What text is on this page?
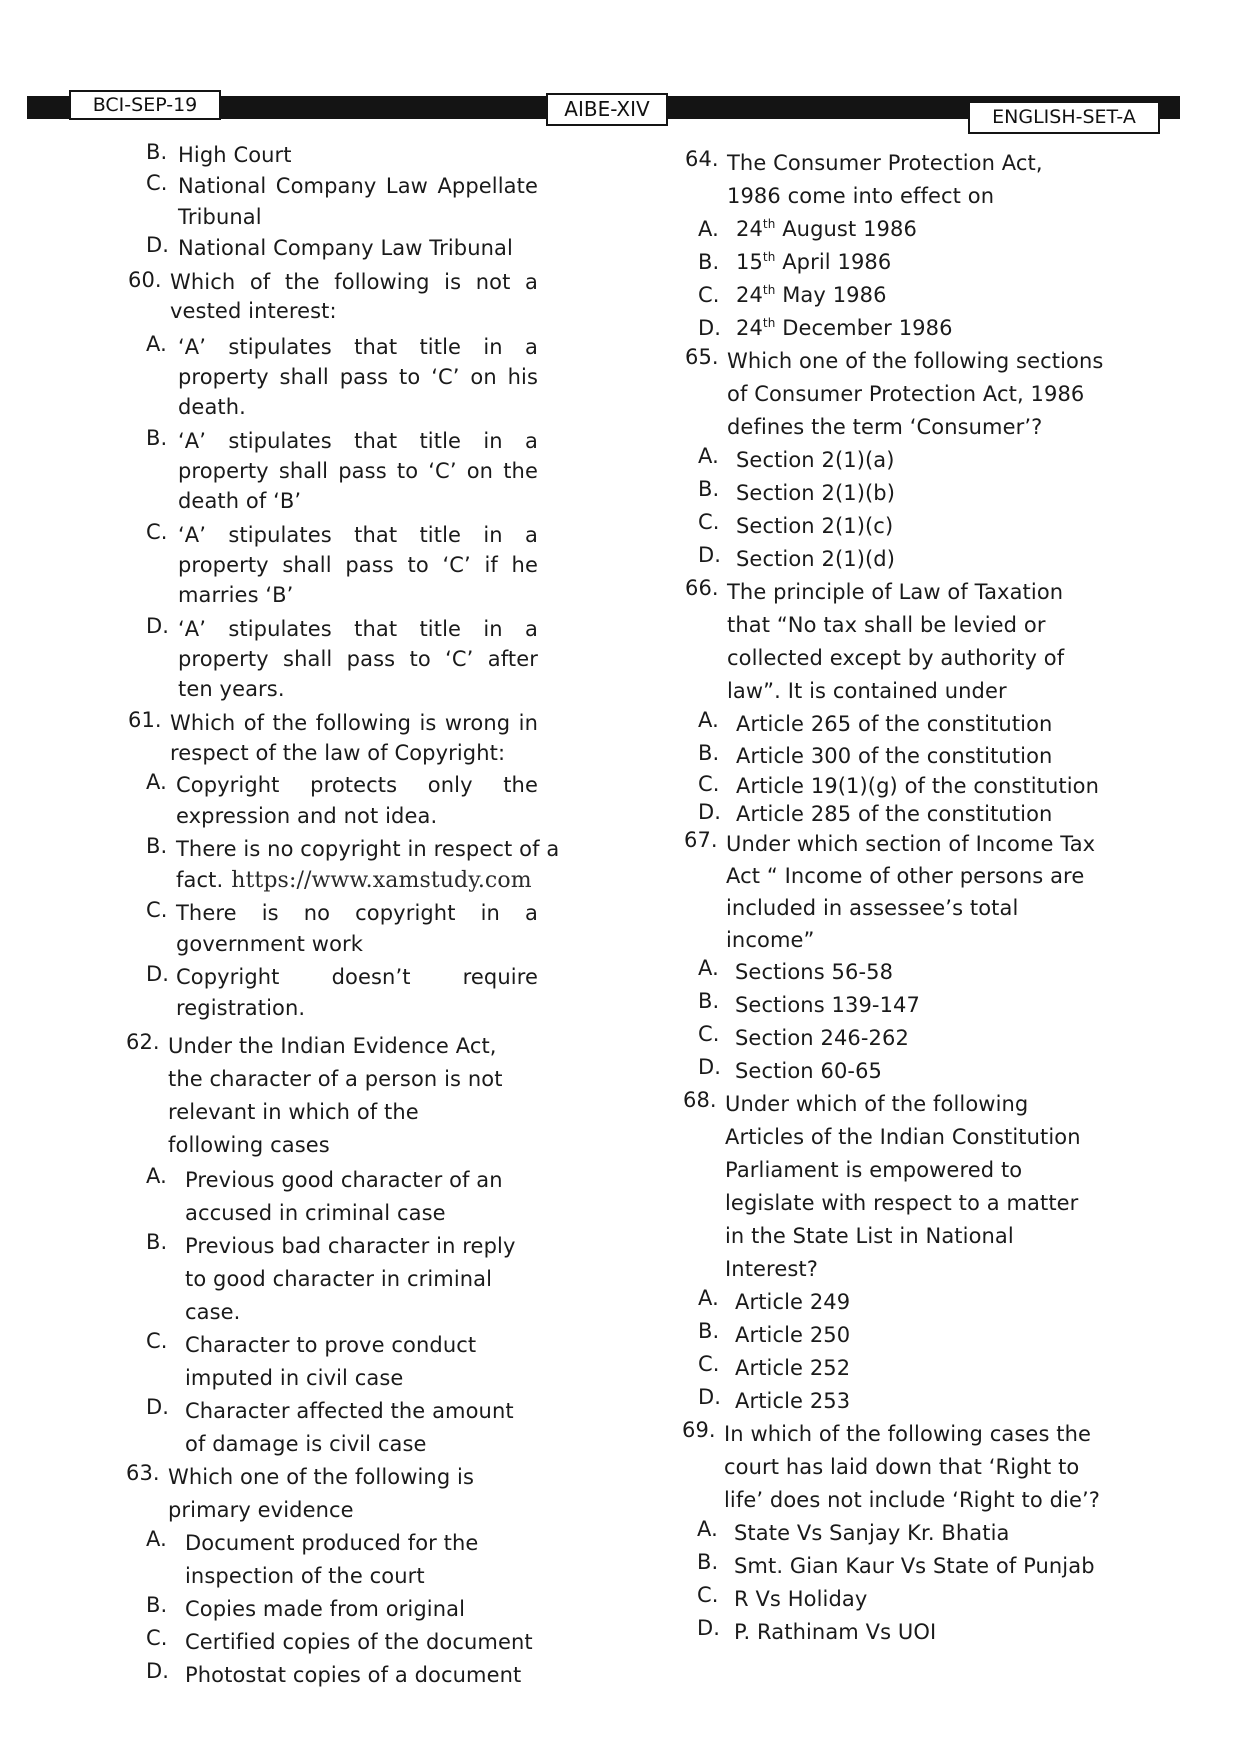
BCI-SEP-19	AIBE-XIV	ENGLISH-SET-A
B. High Court
C. National Company Law Appellate Tribunal
D. National Company Law Tribunal
60. Which of the following is not a vested interest:
A. ‘A’ stipulates that title in a property shall pass to ‘C’ on his death.
B. ‘A’ stipulates that title in a property shall pass to ‘C’ on the death of ‘B’
C. ‘A’ stipulates that title in a property shall pass to ‘C’ if he marries ‘B’
D. ‘A’ stipulates that title in a property shall pass to ‘C’ after ten years.
61. Which of the following is wrong in respect of the law of Copyright:
A. Copyright protects only the expression and not idea.
B. There is no copyright in respect of a fact. https://www.xamstudy.com
C. There is no copyright in a government work
D. Copyright doesn’t require registration.
62. Under the Indian Evidence Act, the character of a person is not relevant in which of the following cases
A. Previous good character of an accused in criminal case
B. Previous bad character in reply to good character in criminal case.
C. Character to prove conduct imputed in civil case
D. Character affected the amount of damage is civil case
63. Which one of the following is primary evidence
A. Document produced for the inspection of the court
B. Copies made from original
C. Certified copies of the document
D. Photostat copies of a document
64. The Consumer Protection Act, 1986 come into effect on
A. 24th August 1986
B. 15th April 1986
C. 24th May 1986
D. 24th December 1986
65. Which one of the following sections of Consumer Protection Act, 1986 defines the term ‘Consumer’?
A. Section 2(1)(a)
B. Section 2(1)(b)
C. Section 2(1)(c)
D. Section 2(1)(d)
66. The principle of Law of Taxation that “No tax shall be levied or collected except by authority of law”. It is contained under
A. Article 265 of the constitution
B. Article 300 of the constitution
C. Article 19(1)(g) of the constitution
D. Article 285 of the constitution
67. Under which section of Income Tax Act “ Income of other persons are included in assessee’s total income”
A. Sections 56-58
B. Sections 139-147
C. Section 246-262
D. Section 60-65
68. Under which of the following Articles of the Indian Constitution Parliament is empowered to legislate with respect to a matter in the State List in National Interest?
A. Article 249
B. Article 250
C. Article 252
D. Article 253
69. In which of the following cases the court has laid down that ‘Right to life’ does not include ‘Right to die’?
A. State Vs Sanjay Kr. Bhatia
B. Smt. Gian Kaur Vs State of Punjab
C. R Vs Holiday
D. P. Rathinam Vs UOI
